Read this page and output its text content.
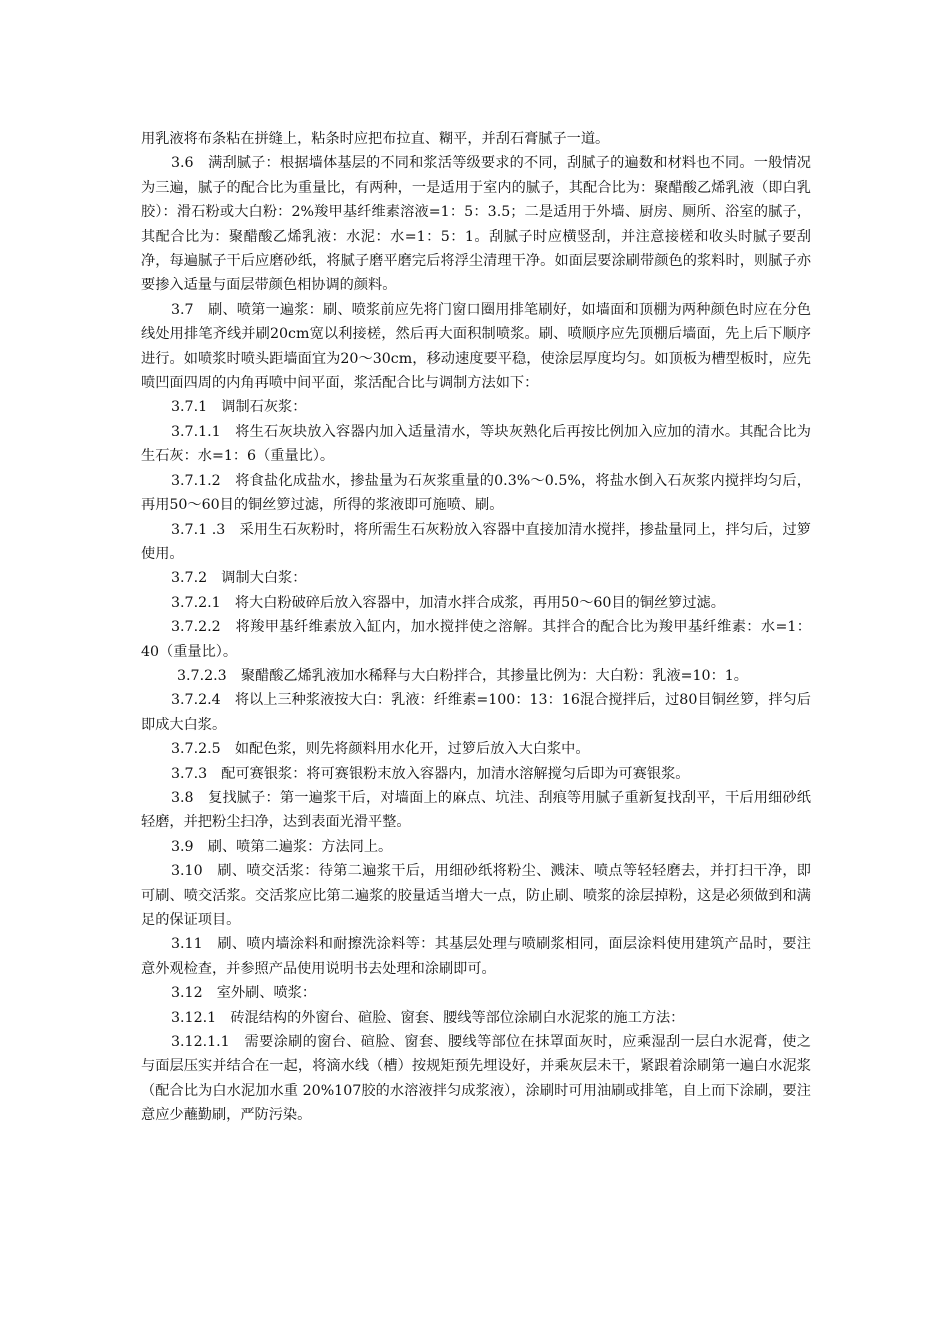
用乳液将布条粘在拼缝上，粘条时应把布拉直、糊平，并刮石膏腻子一道。

3.6　满刮腻子：根据墙体基层的不同和浆活等级要求的不同，刮腻子的遍数和材料也不同。一般情况为三遍，腻子的配合比为重量比，有两种，一是适用于室内的腻子，其配合比为：聚醋酸乙烯乳液（即白乳胶）：滑石粉或大白粉：2%羧甲基纤维素溶液=1：5：3.5；二是适用于外墙、厨房、厕所、浴室的腻子，其配合比为：聚醋酸乙烯乳液：水泥：水=1：5：1。刮腻子时应横竖刮，并注意接槎和收头时腻子要刮净，每遍腻子干后应磨砂纸，将腻子磨平磨完后将浮尘清理干净。如面层要涂刷带颜色的浆料时，则腻子亦要掺入适量与面层带颜色相协调的颜料。

3.7　刷、喷第一遍浆：刷、喷浆前应先将门窗口圈用排笔刷好，如墙面和顶棚为两种颜色时应在分色线处用排笔齐线并刷20cm宽以利接槎，然后再大面积制喷浆。刷、喷顺序应先顶棚后墙面，先上后下顺序进行。如喷浆时喷头距墙面宜为20～30cm，移动速度要平稳，使涂层厚度均匀。如顶板为槽型板时，应先喷凹面四周的内角再喷中间平面，浆活配合比与调制方法如下：

3.7.1　调制石灰浆：

3.7.1.1　将生石灰块放入容器内加入适量清水，等块灰熟化后再按比例加入应加的清水。其配合比为生石灰：水=1：6（重量比）。

3.7.1.2　将食盐化成盐水，掺盐量为石灰浆重量的0.3%～0.5%，将盐水倒入石灰浆内搅拌均匀后，再用50～60目的铜丝箩过滤，所得的浆液即可施喷、刷。

3.7.1 .3　采用生石灰粉时，将所需生石灰粉放入容器中直接加清水搅拌，掺盐量同上，拌匀后，过箩使用。

3.7.2　调制大白浆：

3.7.2.1　将大白粉破碎后放入容器中，加清水拌合成浆，再用50～60目的铜丝箩过滤。

3.7.2.2　将羧甲基纤维素放入缸内，加水搅拌使之溶解。其拌合的配合比为羧甲基纤维素：水=1：40（重量比）。

3.7.2.3　聚醋酸乙烯乳液加水稀释与大白粉拌合，其掺量比例为：大白粉：乳液=10：1。

3.7.2.4　将以上三种浆液按大白：乳液：纤维素=100：13：16混合搅拌后，过80目铜丝箩，拌匀后即成大白浆。

3.7.2.5　如配色浆，则先将颜料用水化开，过箩后放入大白浆中。

3.7.3　配可赛银浆：将可赛银粉末放入容器内，加清水溶解搅匀后即为可赛银浆。

3.8　复找腻子：第一遍浆干后，对墙面上的麻点、坑洼、刮痕等用腻子重新复找刮平，干后用细砂纸轻磨，并把粉尘扫净，达到表面光滑平整。

3.9　刷、喷第二遍浆：方法同上。

3.10　刷、喷交活浆：待第二遍浆干后，用细砂纸将粉尘、溅沫、喷点等轻轻磨去，并打扫干净，即可刷、喷交活浆。交活浆应比第二遍浆的胶量适当增大一点，防止刷、喷浆的涂层掉粉，这是必须做到和满足的保证项目。

3.11　刷、喷内墙涂料和耐擦洗涂料等：其基层处理与喷刷浆相同，面层涂料使用建筑产品时，要注意外观检查，并参照产品使用说明书去处理和涂刷即可。

3.12　室外刷、喷浆：

3.12.1　砖混结构的外窗台、碹脸、窗套、腰线等部位涂刷白水泥浆的施工方法：

3.12.1.1　需要涂刷的窗台、碹脸、窗套、腰线等部位在抹罩面灰时，应乘湿刮一层白水泥膏，使之与面层压实并结合在一起，将滴水线（槽）按规矩预先埋设好，并乘灰层未干，紧跟着涂刷第一遍白水泥浆（配合比为白水泥加水重 20%107胶的水溶液拌匀成浆液），涂刷时可用油刷或排笔，自上而下涂刷，要注意应少蘸勤刷，严防污染。
